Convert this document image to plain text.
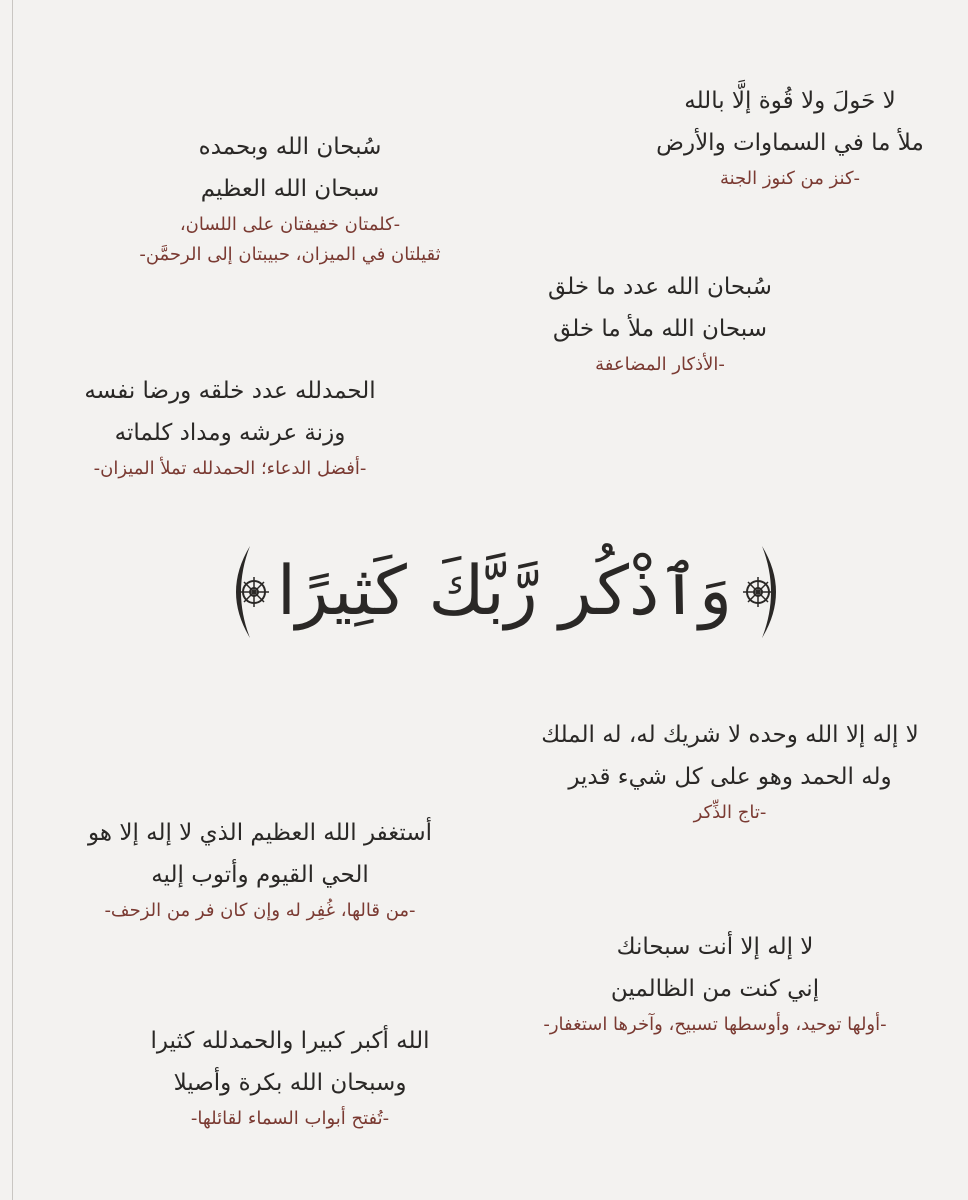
لا حَولَ ولا قُوة إلَّا بالله
ملأ ما في السماوات والأرض
-كنز من كنوز الجنة
سُبحان الله وبحمده
سبحان الله العظيم
-كلمتان خفيفتان على اللسان،
ثقيلتان في الميزان، حبيبتان إلى الرحمَّن-
سُبحان الله عدد ما خلق
سبحان الله ملأ ما خلق
-الأذكار المضاعفة
الحمدلله عدد خلقه ورضا نفسه
وزنة عرشه ومداد كلماته
-أفضل الدعاء؛ الحمدلله تملأ الميزان-
وَٱذْكُر رَّبَّكَ كَثِيرًا
لا إله إلا الله وحده لا شريك له، له الملك
وله الحمد وهو على كل شيء قدير
-تاج الذِّكر
أستغفر الله العظيم الذي لا إله إلا هو
الحي القيوم وأتوب إليه
-من قالها، غُفِر له وإن كان فر من الزحف-
لا إله إلا أنت سبحانك
إني كنت من الظالمين
-أولها توحيد، وأوسطها تسبيح، وآخرها استغفار-
الله أكبر كبيرا والحمدلله كثيرا
وسبحان الله بكرة وأصيلا
-تُفتح أبواب السماء لقائلها-
